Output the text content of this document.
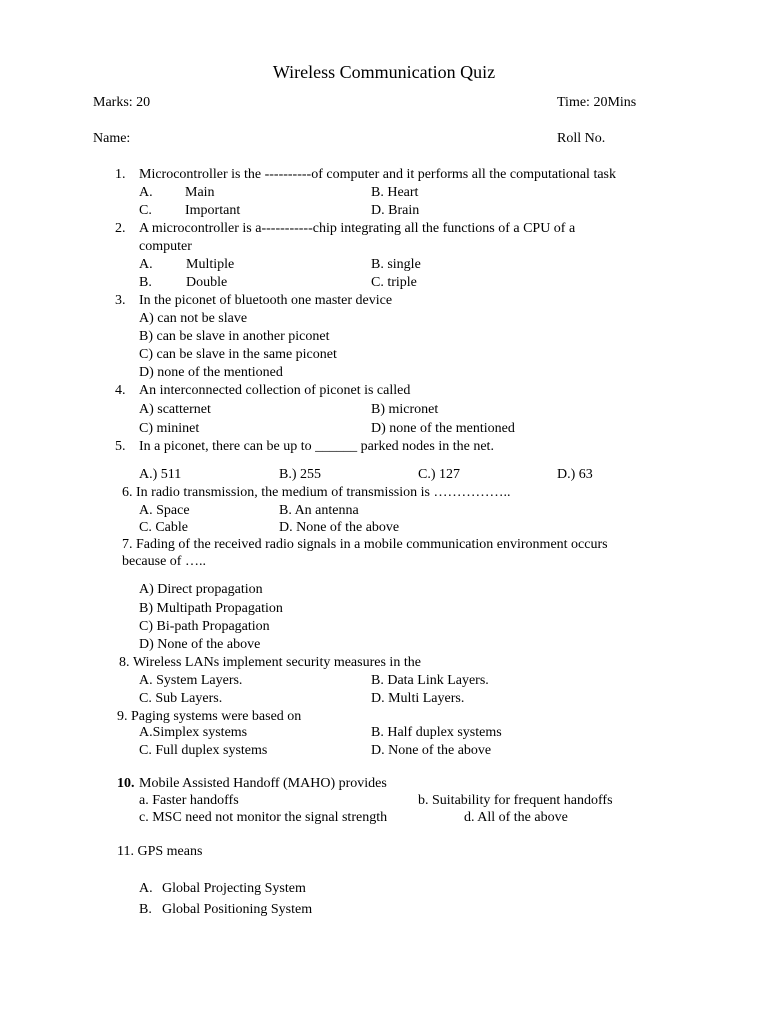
Wireless Communication Quiz
Marks: 20	Time: 20Mins
Name:	Roll No.
1. Microcontroller is the ----------of computer and it performs all the computational task
A. Main	B. Heart
C. Important	D. Brain
2. A microcontroller is a-----------chip integrating all the functions of a CPU of a
computer
A. Multiple	B. single
B. Double	C. triple
3. In the piconet of bluetooth one master device
A) can not be slave
B) can be slave in another piconet
C) can be slave in the same piconet
D) none of the mentioned
4. An interconnected collection of piconet is called
A) scatternet	B) micronet
C) mininet	D) none of the mentioned
5. In a piconet, there can be up to ______ parked nodes in the net.
A.) 511	B.) 255	C.) 127	D.) 63
6. In radio transmission, the medium of transmission is ……………..
A. Space	B. An antenna
C. Cable	D. None of the above
7. Fading of the received radio signals in a mobile communication environment occurs
because of …..
A) Direct propagation
B) Multipath Propagation
C) Bi-path Propagation
D) None of the above
8. Wireless LANs implement security measures in the
A. System Layers.	B. Data Link Layers.
C. Sub Layers.	D. Multi Layers.
9. Paging systems were based on
A.Simplex systems	B. Half duplex systems
C. Full duplex systems	D. None of the above
10. Mobile Assisted Handoff (MAHO) provides
a. Faster handoffs	b. Suitability for frequent handoffs
c. MSC need not monitor the signal strength	d. All of the above
11. GPS means
A. Global Projecting System
B. Global Positioning System
